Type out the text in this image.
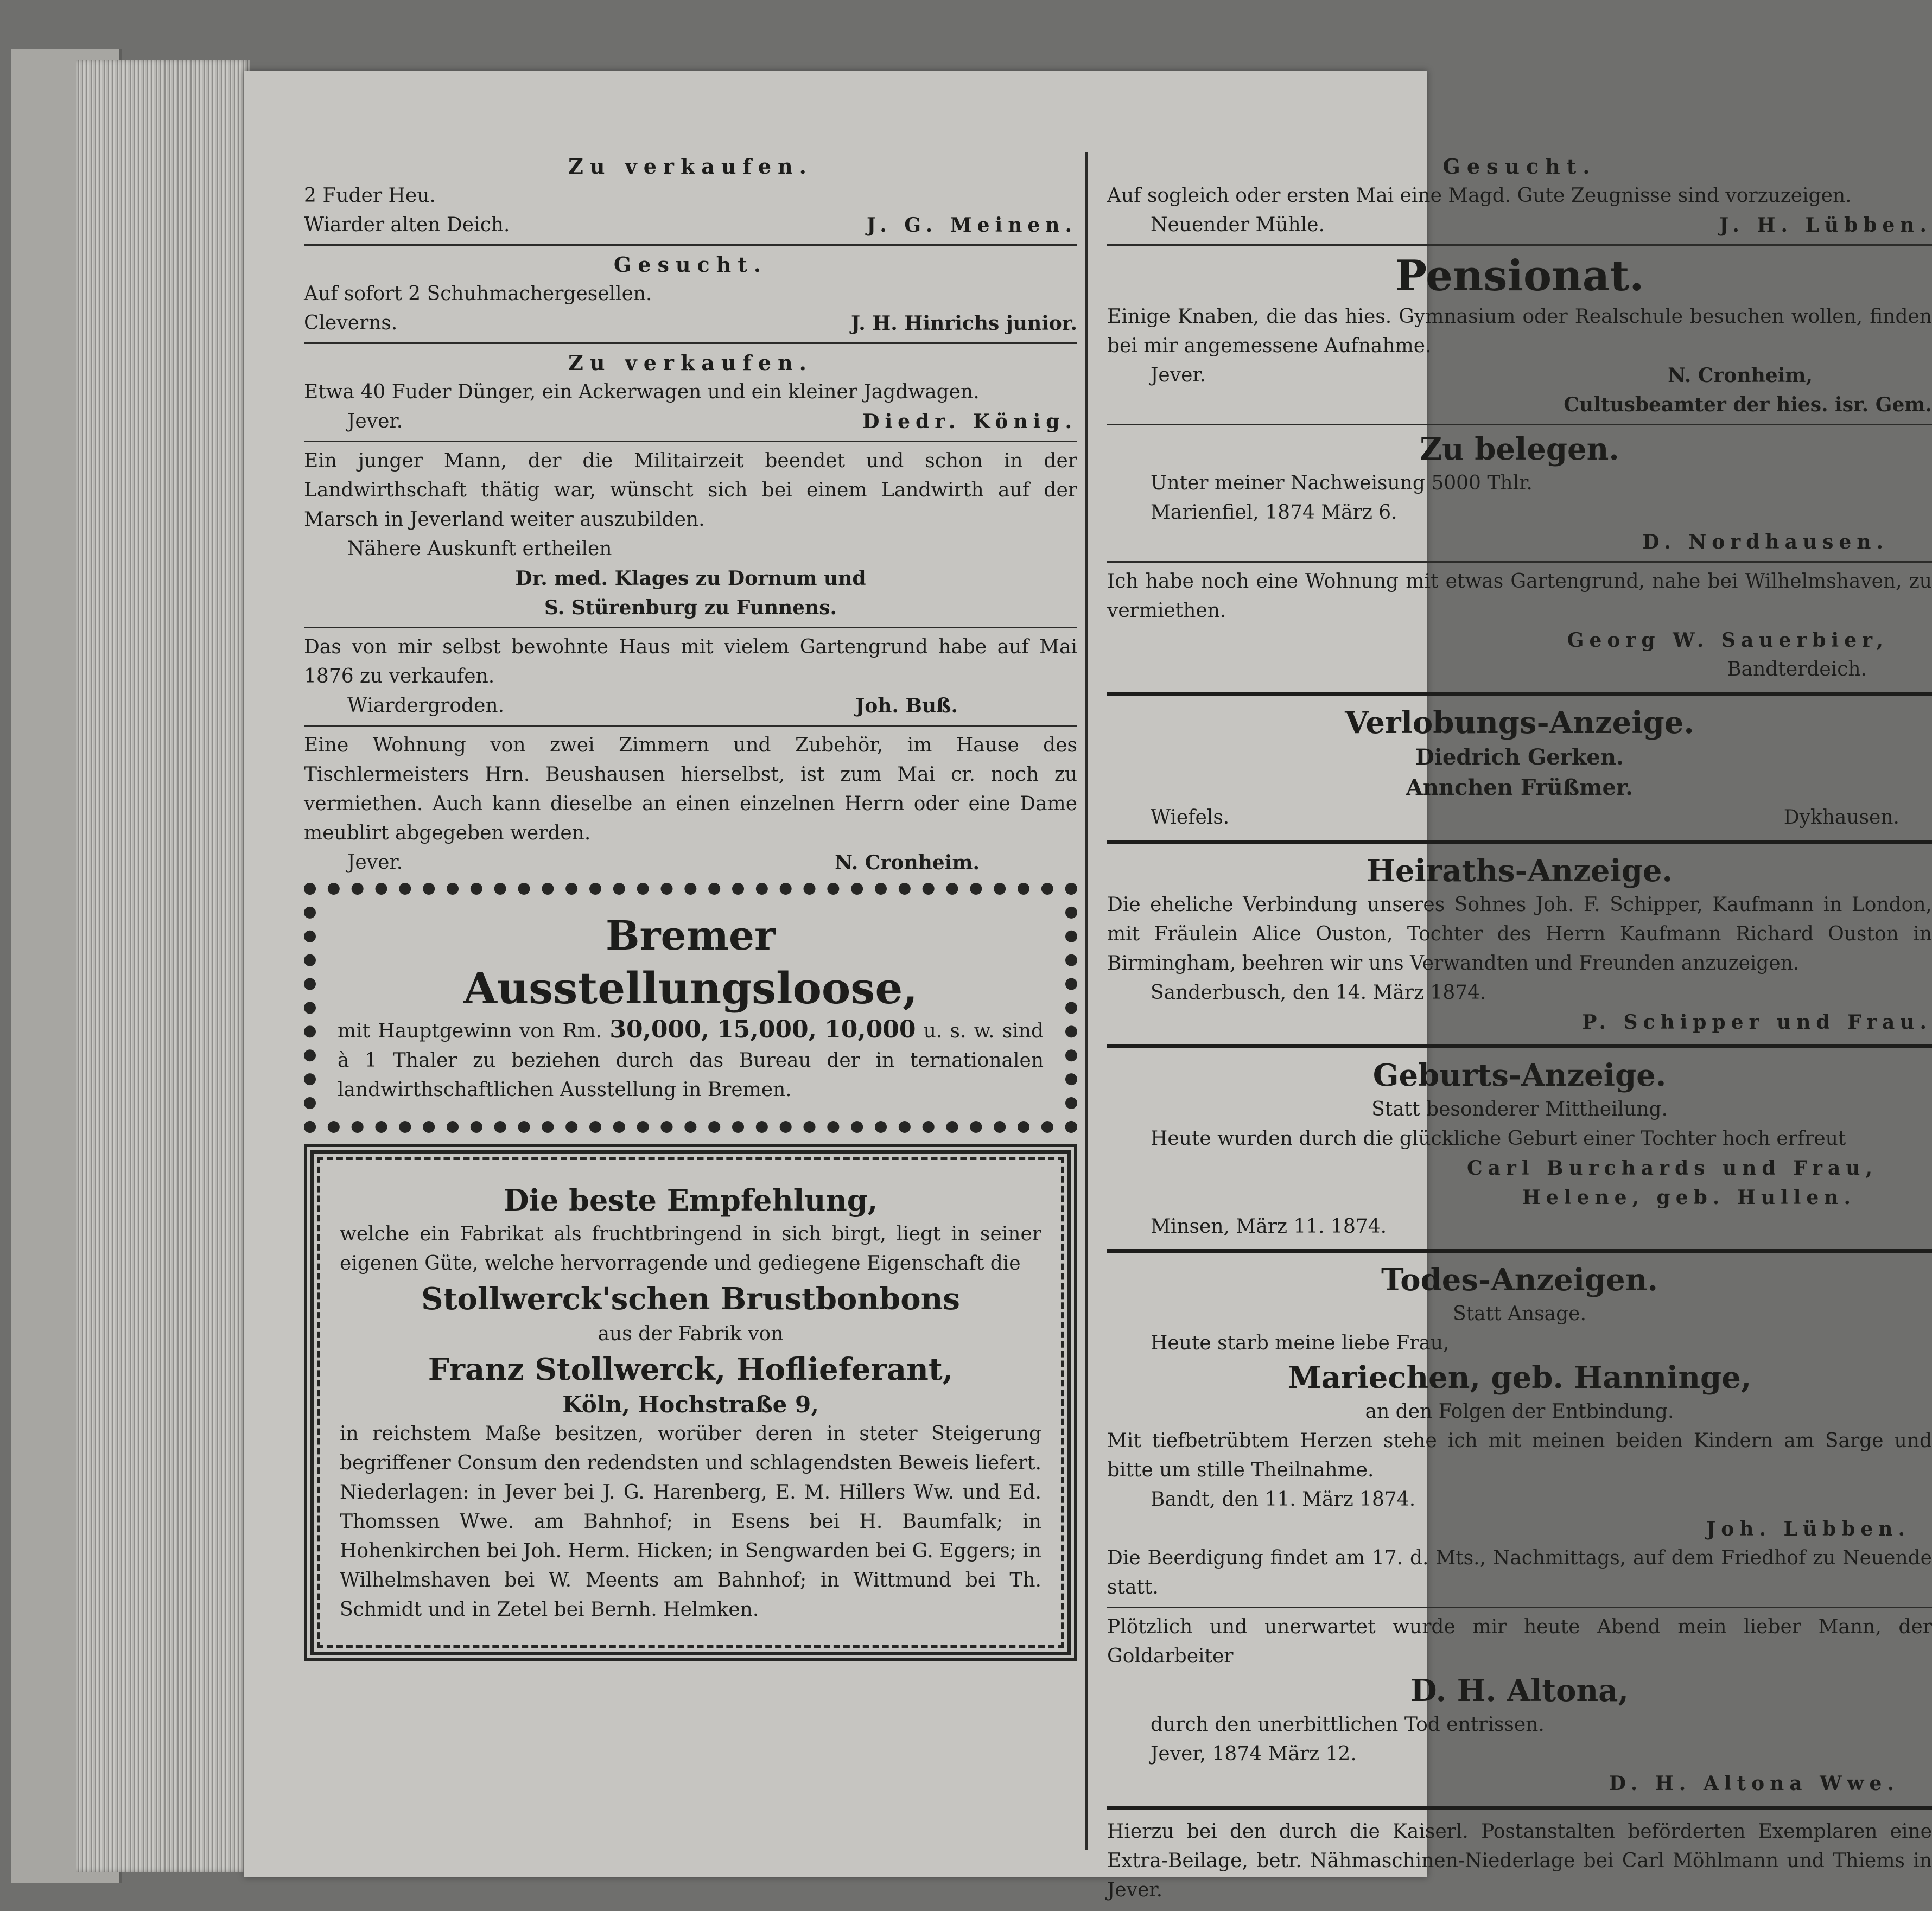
Zu verkaufen.

2 Fuder Heu.

Wiarder alten Deich.	J. G. Meinen.
Gesucht.

Auf sofort 2 Schuhmachergesellen.

Cleverns.	J. H. Hinrichs junior.
Zu verkaufen.

Etwa 40 Fuder Dünger, ein Ackerwagen und ein kleiner Jagdwagen.

Jever.	Diedr. König.

Ein junger Mann, der die Militairzeit beendet und schon in der Landwirthschaft thätig war, wünscht sich bei einem Landwirth auf der Marsch in Jeverland weiter auszubilden.

Nähere Auskunft ertheilen

Dr. med. Klages zu Dornum und

S. Stürenburg zu Funnens.

Das von mir selbst bewohnte Haus mit vielem Gartengrund habe auf Mai 1876 zu verkaufen.

Wiardergroden.	Joh. Buß.

Eine Wohnung von zwei Zimmern und Zubehör, im Hause des Tischlermeisters Hrn. Beushausen hierselbst, ist zum Mai cr. noch zu vermiethen. Auch kann dieselbe an einen einzelnen Herrn oder eine Dame meublirt abgegeben werden.

Jever.	N. Cronheim.
Bremer
Ausstellungsloose,

mit Hauptgewinn von Rm. 30,000, 15,000, 10,000 u. s. w. sind à 1 Thaler zu beziehen durch das Bureau der in ternationalen landwirthschaftlichen Ausstellung in Bremen.

Die beste Empfehlung,

welche ein Fabrikat als fruchtbringend in sich birgt, liegt in seiner eigenen Güte, welche hervorragende und gediegene Eigenschaft die

Stollwerck'schen Brustbonbons

aus der Fabrik von

Franz Stollwerck, Hoflieferant,

Köln, Hochstraße 9,

in reichstem Maße besitzen, worüber deren in steter Steigerung begriffener Consum den redendsten und schlagendsten Beweis liefert. Niederlagen: in Jever bei J. G. Harenberg, E. M. Hillers Ww. und Ed. Thomssen Wwe. am Bahnhof; in Esens bei H. Baumfalk; in Hohenkirchen bei Joh. Herm. Hicken; in Sengwarden bei G. Eggers; in Wilhelmshaven bei W. Meents am Bahnhof; in Wittmund bei Th. Schmidt und in Zetel bei Bernh. Helmken.

Gesucht.

Auf sogleich oder ersten Mai eine Magd. Gute Zeugnisse sind vorzuzeigen.

Neuender Mühle.	J. H. Lübben.
Pensionat.

Einige Knaben, die das hies. Gymnasium oder Realschule besuchen wollen, finden bei mir angemessene Aufnahme.

Jever.	N. Cronheim,

Cultusbeamter der hies. isr. Gem.

Zu belegen.

Unter meiner Nachweisung 5000 Thlr.

Marienfiel, 1874 März 6.

D. Nordhausen.

Ich habe noch eine Wohnung mit etwas Gartengrund, nahe bei Wilhelmshaven, zu vermiethen.

Georg W. Sauerbier,

Bandterdeich.

Verlobungs-Anzeige.
Diedrich Gerken.
Annchen Früßmer.
Wiefels.	Dykhausen.
Heiraths-Anzeige.

Die eheliche Verbindung unseres Sohnes Joh. F. Schipper, Kaufmann in London, mit Fräulein Alice Ouston, Tochter des Herrn Kaufmann Richard Ouston in Birmingham, beehren wir uns Verwandten und Freunden anzuzeigen.

Sanderbusch, den 14. März 1874.

P. Schipper und Frau.

Geburts-Anzeige.

Statt besonderer Mittheilung.

Heute wurden durch die glückliche Geburt einer Tochter hoch erfreut

Carl Burchards und Frau,

Helene, geb. Hullen.

Minsen, März 11. 1874.

Todes-Anzeigen.

Statt Ansage.

Heute starb meine liebe Frau,

Mariechen, geb. Hanninge,

an den Folgen der Entbindung.

Mit tiefbetrübtem Herzen stehe ich mit meinen beiden Kindern am Sarge und bitte um stille Theilnahme.

Bandt, den 11. März 1874.

Joh. Lübben.

Die Beerdigung findet am 17. d. Mts., Nachmittags, auf dem Friedhof zu Neuende statt.

Plötzlich und unerwartet wurde mir heute Abend mein lieber Mann, der Goldarbeiter

D. H. Altona,

durch den unerbittlichen Tod entrissen.

Jever, 1874 März 12.

D. H. Altona Wwe.

Hierzu bei den durch die Kaiserl. Postanstalten beförderten Exemplaren eine Extra-Beilage, betr. Nähmaschinen-Niederlage bei Carl Möhlmann und Thiems in Jever.
